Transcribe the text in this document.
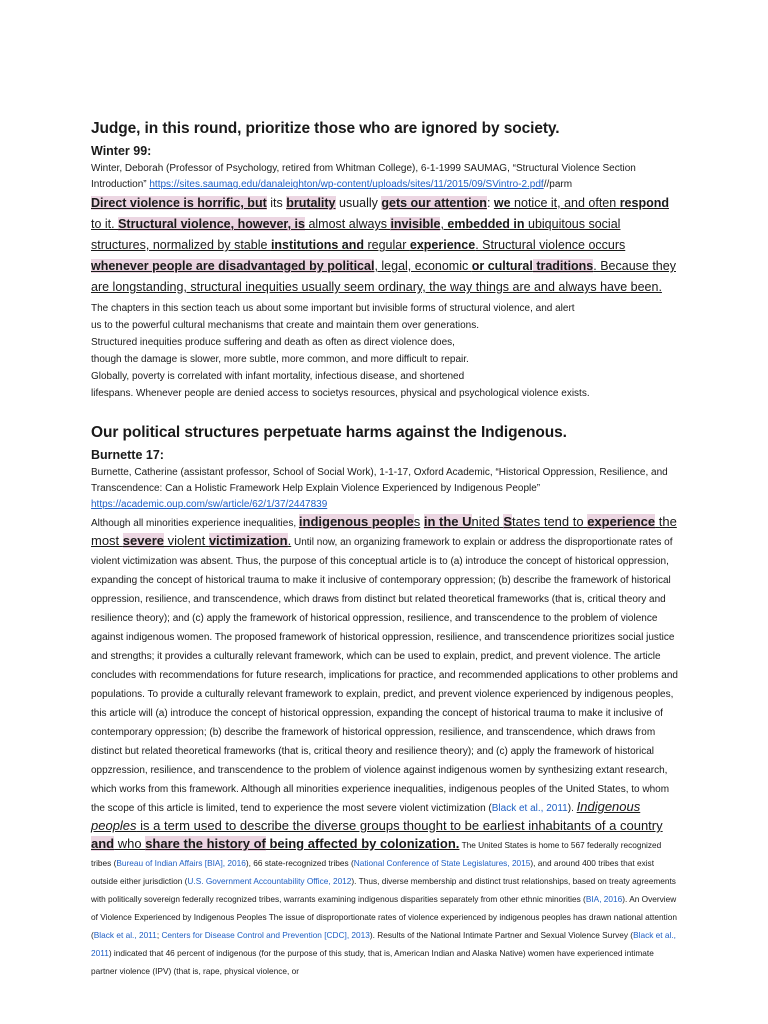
Judge, in this round, prioritize those who are ignored by society.
Winter 99:

Winter, Deborah (Professor of Psychology, retired from Whitman College), 6-1-1999 SAUMAG, “Structural Violence Section Introduction” https://sites.saumag.edu/danaleighton/wp-content/uploads/sites/11/2015/09/SVintro-2.pdf//parm

Direct violence is horrific, but its brutality usually gets our attention: we notice it, and often respond to it. Structural violence, however, is almost always invisible, embedded in ubiquitous social structures, normalized by stable institutions and regular experience. Structural violence occurs whenever people are disadvantaged by political, legal, economic or cultural traditions. Because they are longstanding, structural inequities usually seem ordinary, the way things are and always have been. The chapters in this section teach us about some important but invisible forms of structural violence, and alert

us to the powerful cultural mechanisms that create and maintain them over generations.
Structured inequities produce suffering and death as often as direct violence does,
though the damage is slower, more subtle, more common, and more difficult to repair.
Globally, poverty is correlated with infant mortality, infectious disease, and shortened
lifespans. Whenever people are denied access to societys resources, physical and psychological violence exists.
Our political structures perpetuate harms against the Indigenous.
Burnette 17:

Burnette, Catherine (assistant professor, School of Social Work), 1-1-17, Oxford Academic, “Historical Oppression, Resilience, and Transcendence: Can a Holistic Framework Help Explain Violence Experienced by Indigenous People”
https://academic.oup.com/sw/article/62/1/37/2447839

Although all minorities experience inequalities, indigenous peoples in the United States tend to experience the most severe violent victimization. Until now, an organizing framework to explain or address the disproportionate rates of violent victimization was absent. Thus, the purpose of this conceptual article is to (a) introduce the concept of historical oppression, expanding the concept of historical trauma to make it inclusive of contemporary oppression; (b) describe the framework of historical oppression, resilience, and transcendence, which draws from distinct but related theoretical frameworks (that is, critical theory and resilience theory); and (c) apply the framework of historical oppression, resilience, and transcendence to the problem of violence against indigenous women. The proposed framework of historical oppression, resilience, and transcendence prioritizes social justice and strengths; it provides a culturally relevant framework, which can be used to explain, predict, and prevent violence. The article concludes with recommendations for future research, implications for practice, and recommended applications to other problems and populations. To provide a culturally relevant framework to explain, predict, and prevent violence experienced by indigenous peoples, this article will (a) introduce the concept of historical oppression, expanding the concept of historical trauma to make it inclusive of contemporary oppression; (b) describe the framework of historical oppression, resilience, and transcendence, which draws from distinct but related theoretical frameworks (that is, critical theory and resilience theory); and (c) apply the framework of historical oppzression, resilience, and transcendence to the problem of violence against indigenous women by synthesizing extant research, which works from this framework. Although all minorities experience inequalities, indigenous peoples of the United States, to whom the scope of this article is limited, tend to experience the most severe violent victimization (Black et al., 2011). Indigenous peoples is a term used to describe the diverse groups thought to be earliest inhabitants of a country and who share the history of being affected by colonization. The United States is home to 567 federally recognized tribes (Bureau of Indian Affairs [BIA], 2016), 66 state-recognized tribes (National Conference of State Legislatures, 2015), and around 400 tribes that exist outside either jurisdiction (U.S. Government Accountability Office, 2012). Thus, diverse membership and distinct trust relationships, based on treaty agreements with politically sovereign federally recognized tribes, warrants examining indigenous disparities separately from other ethnic minorities (BIA, 2016). An Overview of Violence Experienced by Indigenous Peoples The issue of disproportionate rates of violence experienced by indigenous peoples has drawn national attention (Black et al., 2011; Centers for Disease Control and Prevention [CDC], 2013). Results of the National Intimate Partner and Sexual Violence Survey (Black et al., 2011) indicated that 46 percent of indigenous (for the purpose of this study, that is, American Indian and Alaska Native) women have experienced intimate partner violence (IPV) (that is, rape, physical violence, or
